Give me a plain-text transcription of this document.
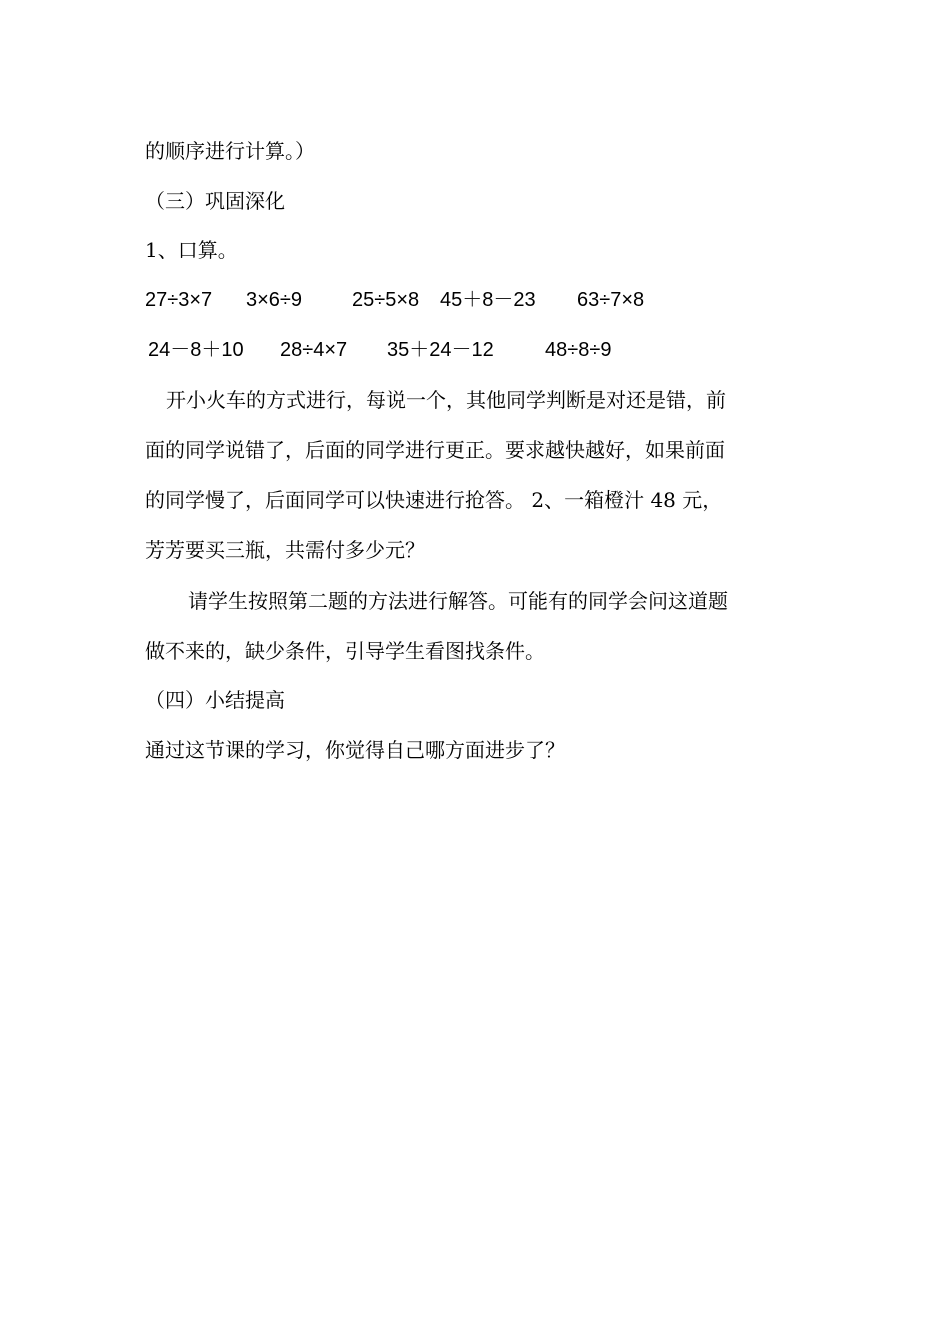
的顺序进行计算。）
（三）巩固深化
1、口算。
27÷3×7 3×6÷9 25÷5×8 45＋8－23 63÷7×8
24－8＋10 28÷4×7 35＋24－12	48÷8÷9
开小火车的方式进行，每说一个，其他同学判断是对还是错，前
面的同学说错了，后面的同学进行更正。要求越快越好，如果前面
的同学慢了，后面同学可以快速进行抢答。 2、一箱橙汁 48 元，
芳芳要买三瓶，共需付多少元？
请学生按照第二题的方法进行解答。可能有的同学会问这道题
做不来的，缺少条件，引导学生看图找条件。
（四）小结提高
通过这节课的学习，你觉得自己哪方面进步了？
